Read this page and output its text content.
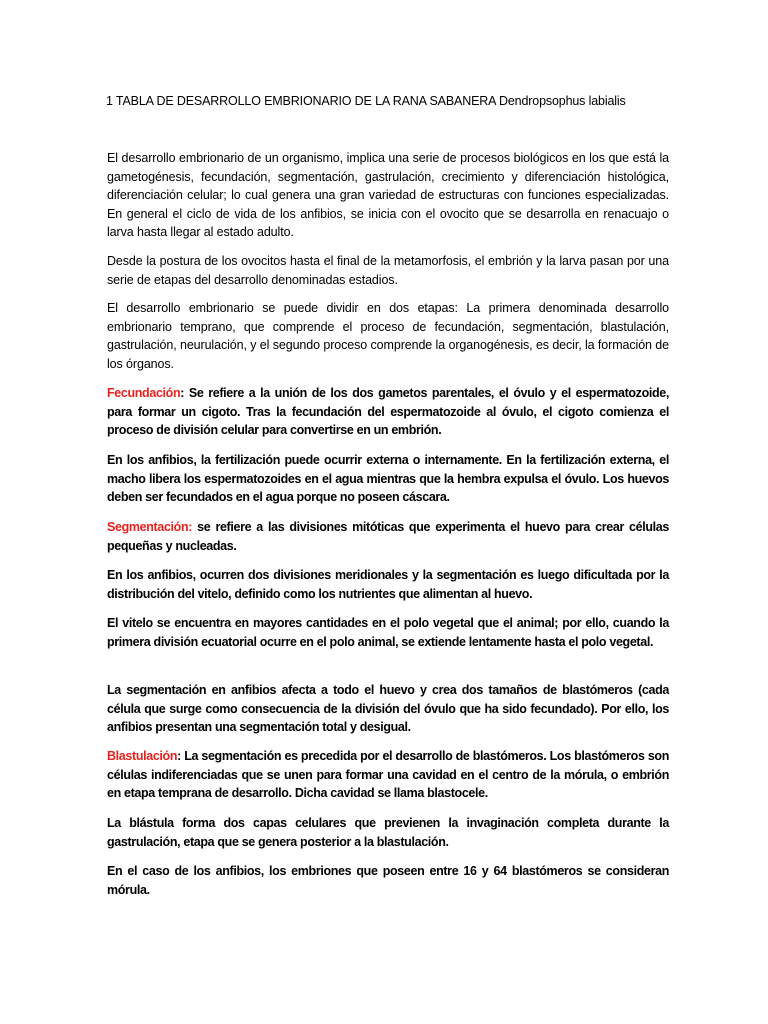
1 TABLA DE DESARROLLO EMBRIONARIO DE LA RANA SABANERA Dendropsophus labialis

El desarrollo embrionario de un organismo, implica una serie de procesos biológicos en los que está la gametogénesis, fecundación, segmentación, gastrulación, crecimiento y diferenciación histológica, diferenciación celular; lo cual genera una gran variedad de estructuras con funciones especializadas. En general el ciclo de vida de los anfibios, se inicia con el ovocito que se desarrolla en renacuajo o larva hasta llegar al estado adulto.

Desde la postura de los ovocitos hasta el final de la metamorfosis, el embrión y la larva pasan por una serie de etapas del desarrollo denominadas estadios.

El desarrollo embrionario se puede dividir en dos etapas: La primera denominada desarrollo embrionario temprano, que comprende el proceso de fecundación, segmentación, blastulación, gastrulación, neurulación, y el segundo proceso comprende la organogénesis, es decir, la formación de los órganos.

Fecundación: Se refiere a la unión de los dos gametos parentales, el óvulo y el espermatozoide, para formar un cigoto. Tras la fecundación del espermatozoide al óvulo, el cigoto comienza el proceso de división celular para convertirse en un embrión.

En los anfibios, la fertilización puede ocurrir externa o internamente. En la fertilización externa, el macho libera los espermatozoides en el agua mientras que la hembra expulsa el óvulo. Los huevos deben ser fecundados en el agua porque no poseen cáscara.

Segmentación: se refiere a las divisiones mitóticas que experimenta el huevo para crear células pequeñas y nucleadas.

En los anfibios, ocurren dos divisiones meridionales y la segmentación es luego dificultada por la distribución del vitelo, definido como los nutrientes que alimentan al huevo.

El vitelo se encuentra en mayores cantidades en el polo vegetal que el animal; por ello, cuando la primera división ecuatorial ocurre en el polo animal, se extiende lentamente hasta el polo vegetal.

La segmentación en anfibios afecta a todo el huevo y crea dos tamaños de blastómeros (cada célula que surge como consecuencia de la división del óvulo que ha sido fecundado). Por ello, los anfibios presentan una segmentación total y desigual.

Blastulación: La segmentación es precedida por el desarrollo de blastómeros. Los blastómeros son células indiferenciadas que se unen para formar una cavidad en el centro de la mórula, o embrión en etapa temprana de desarrollo. Dicha cavidad se llama blastocele.

La blástula forma dos capas celulares que previenen la invaginación completa durante la gastrulación, etapa que se genera posterior a la blastulación.

En el caso de los anfibios, los embriones que poseen entre 16 y 64 blastómeros se consideran mórula.
